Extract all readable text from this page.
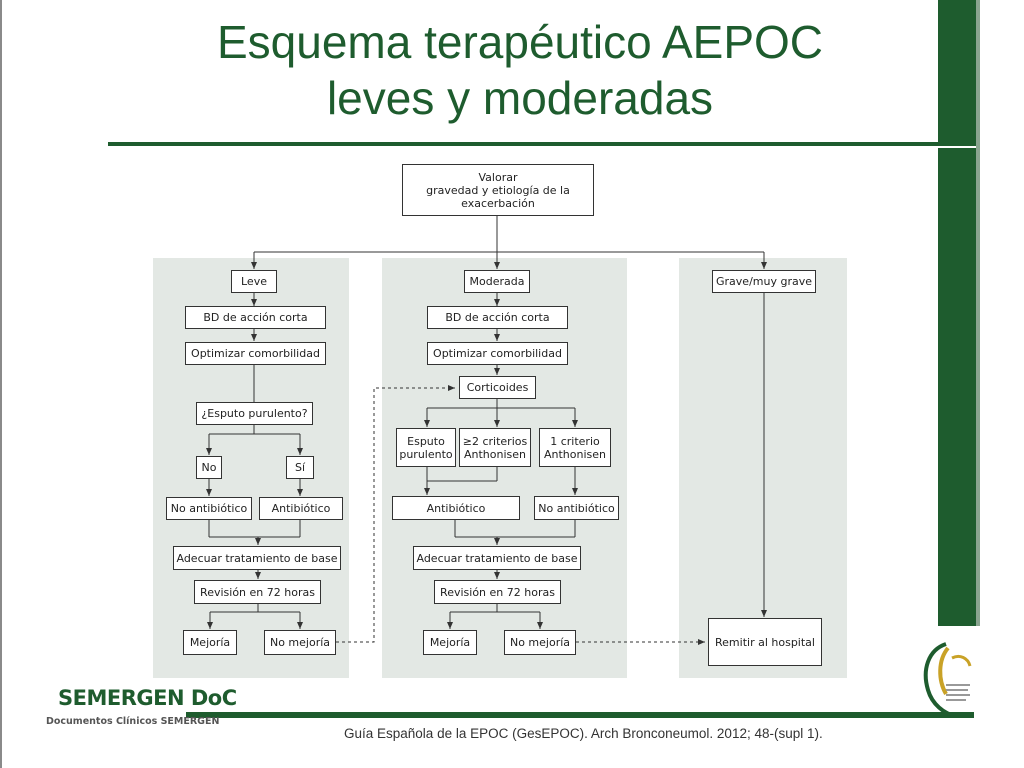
Esquema terapéutico AEPOC
leves y moderadas
Valorar
gravedad y etiología de la
exacerbación
Leve
BD de acción corta
Optimizar comorbilidad
¿Esputo purulento?
No	Sí
No antibiótico	Antibiótico
Adecuar tratamiento de base
Revisión en 72 horas
Mejoría	No mejoría
Moderada
BD de acción corta
Optimizar comorbilidad
Corticoides
Esputo
purulento
≥2 criterios
Anthonisen
1 criterio
Anthonisen
Antibiótico	No antibiótico
Adecuar tratamiento de base
Revisión en 72 horas
Mejoría	No mejoría
Grave/muy grave
Remitir al hospital
SEMERGEN DoC
Documentos Clínicos SEMERGEN
Guía Española de la EPOC (GesEPOC). Arch Bronconeumol. 2012; 48-(supl 1).
